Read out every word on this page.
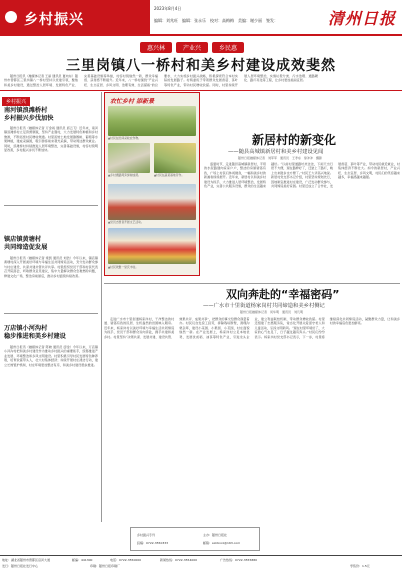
乡村振兴
2023年8月4日
编辑：刘兆旺　编辑：张永乐　校对：高梅梅　美编：谢少丽　签发：	清州日报
惠兴林	产业兴	乡民惠
三里岗镇八一桥村和美乡村建设成效斐然

随州日报讯（融媒体记者 王丽 通讯员 夏向东）随州市曾都区三里岗镇八一桥村坚持以党建引领，聚焦和美乡村建设，通过整治人居环境、发展特色产业、完善基础设施等举措，村容村貌焕然一新，群众幸福感、获得感不断提升。近年来，八一桥村围绕“产业兴旺、生态宜居、乡风文明、治理有效、生活富裕”的总要求，大力实施乡村振兴战略，积极探索符合本村实际的发展路子。村两委班子带领群众发展香菇、茶叶等特色产业，带动村民增收致富。同时，村里持续开展人居环境整治，实施垃圾分类、污水治理、道路硬化、路灯亮化等工程，让乡村更加美丽宜居。

乡村振兴
南河镇浪滩桥村
乡村振兴步伐加快

随州日报讯（融媒体记者 万金雨 通讯员 邱云飞）近年来，南河镇浪滩桥村立足资源禀赋，坚持产业强村，大力发展特色种植和乡村旅游，不断拓宽村民增收渠道。村里流转土地发展猕猴桃、葡萄等水果种植，建成采摘园，吸引游客前来观光采摘，带动周边群众就业。同时，浪滩桥村持续推进人居环境整治，完善基础设施，村容村貌明显改善，乡村振兴步伐不断加快。

镇店镇黄塘村
共同缔造促发展

随州日报讯（融媒体记者 梁凯 通讯员 刘浩）今年以来，镇店镇黄塘村深入开展美好环境与幸福生活共同缔造活动，充分发动群众参与村庄建设，共谋共建共管共评共享。村里组织党员干部和村民代表召开院落会，听取群众意见建议，集中力量解决群众急难愁盼问题，修建文化广场，整治房前屋后，推动乡村面貌持续改善。

万店镇小河沟村
稳步推进和美乡村建设

随州日报讯（融媒体记者 陈晓 通讯员 廖金）今年以来，万店镇小河沟村把和美乡村建设作为推动乡村振兴的重要抓手，统筹推进产业发展、环境整治和乡风文明建设。村里积极引导村民发展特色种养殖，培育致富带头人，壮大村集体经济；持续开展村庄清洁行动，建立长效管护机制，村庄环境更加整洁有序，和美乡村建设稳步推进。

农忙乡村 添新景
▲村民在田间采收农作物。
▲乡村道路两旁绿树成荫。	▲村民在蔬菜基地劳作。
▲党员志愿者开展文艺活动。
▲村民欢聚一堂庆丰收。
新居村的新变化
——随县高城镇新居村和美乡村建设见闻
随州日报融媒体记者　刘军军　通讯员　王孝东　徐冲冲　摄影

盛夏时节，走进随县高城镇新居村，平坦的水泥路通向家家户户，整洁的房屋错落有致，广场上村民们休闲健身，一幅和美乡村的新画卷徐徐展开。近年来，新居村以和美乡村建设为抓手，大力推进人居环境整治，发展特色产业，完善公共服务设施，群众的生活越来越好。“以前村里道路坑坑洼洼，下雨天出行很不方便，现在路修好了，还装上了路灯，晚上出来散步也方便了。”村民王大爷高兴地说。新居村党支部书记介绍，村里坚持规划先行，因地制宜推进村庄建设，广泛发动群众参与，共同缔造美好家园。村里还成立了合作社，发展香菇、茶叶等产业，带动村民就近就业，村集体经济不断壮大。如今的新居村，产业兴旺、生态宜居、乡风文明，村民们的笑容越来越多，幸福感越来越强。

双向奔赴的“幸福密码”
——广水市十里街道杨家岗村共同缔造和美乡村侧记
随州日报融媒体记者　何华明　通讯员　刘凡明

走进广水市十里街道杨家岗村，干净整洁的村道、错落有致的民居、生机盎然的田园映入眼帘。近年来，杨家岗村以美好环境与幸福生活共同缔造为抓手，党员干部和群众双向奔赴，携手共建和美乡村。村里坚持“决策共谋、发展共建、建设共管、效果共评、成果共享”，把群众的事交给群众商量着办。村民们自发投工投劳，拆除残垣断壁，清理沟渠杂草，建设小菜园、小果园、小花园，村庄面貌焕然一新。在产业发展上，杨家岗村立足本地优势，发展优质稻、油茶等特色产业，引进龙头企业，建立利益联结机制，带动群众增收致富。村里还组建了志愿服务队，常态化开展关爱留守老人和儿童活动，弘扬文明新风。“现在村里环境好了，大家的心气也足了，日子越过越有奔头。”村民们纷纷表示。杨家岗村党支部书记表示，下一步，村里将继续深化共同缔造活动，凝聚群众力量，让和美乡村的幸福底色更加鲜亮。

乡村振兴专刊
投稿：0722-3550333
主办：随州日报社
邮箱：sizrbxcz@163.com
地址：湖北省随州市曾都区沿河大道	邮编：441300	电话：0722-3550000	新闻热线：0722-3554000	广告热线：0722-3555880
发行：随州日报社发行中心	印刷：随州日报印刷厂	零售价：1.5元
